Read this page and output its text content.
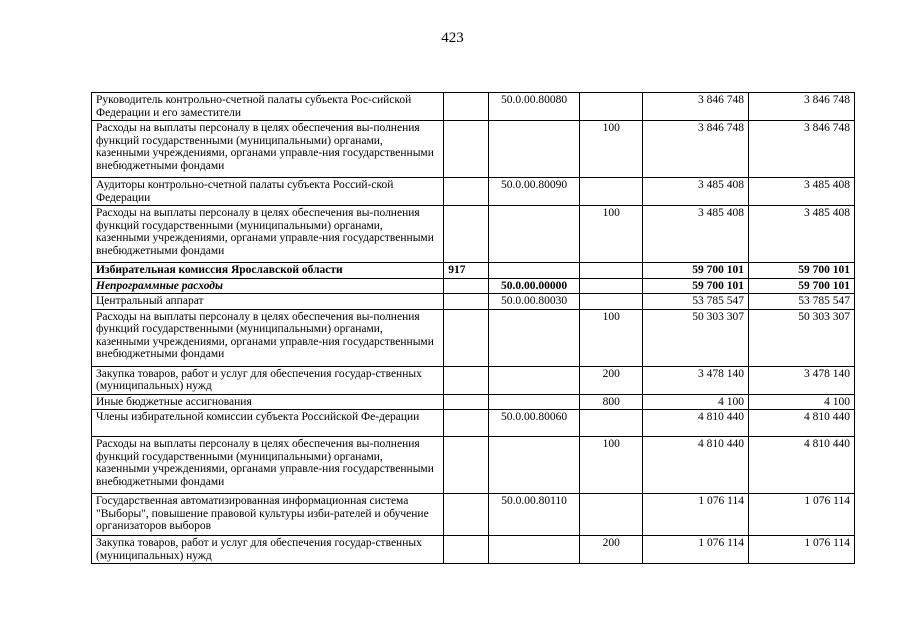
423
Руководитель контрольно-счетной палаты субъекта Рос-сийской Федерации и его заместители		50.0.00.80080		3 846 748	3 846 748
Расходы на выплаты персоналу в целях обеспечения вы-полнения функций государственными (муниципальными) органами, казенными учреждениями, органами управле-ния государственными внебюджетными фондами			100	3 846 748	3 846 748
Аудиторы контрольно-счетной палаты субъекта Россий-ской Федерации		50.0.00.80090		3 485 408	3 485 408
Расходы на выплаты персоналу в целях обеспечения вы-полнения функций государственными (муниципальными) органами, казенными учреждениями, органами управле-ния государственными внебюджетными фондами			100	3 485 408	3 485 408
Избирательная комиссия Ярославской области	917			59 700 101	59 700 101
Непрограммные расходы		50.0.00.00000		59 700 101	59 700 101
Центральный аппарат		50.0.00.80030		53 785 547	53 785 547
Расходы на выплаты персоналу в целях обеспечения вы-полнения функций государственными (муниципальными) органами, казенными учреждениями, органами управле-ния государственными внебюджетными фондами			100	50 303 307	50 303 307
Закупка товаров, работ и услуг для обеспечения государ-ственных (муниципальных) нужд			200	3 478 140	3 478 140
Иные бюджетные ассигнования			800	4 100	4 100
Члены избирательной комиссии субъекта Российской Фе-дерации		50.0.00.80060		4 810 440	4 810 440
Расходы на выплаты персоналу в целях обеспечения вы-полнения функций государственными (муниципальными) органами, казенными учреждениями, органами управле-ния государственными внебюджетными фондами			100	4 810 440	4 810 440
Государственная автоматизированная информационная система "Выборы", повышение правовой культуры изби-рателей и обучение организаторов выборов		50.0.00.80110		1 076 114	1 076 114
Закупка товаров, работ и услуг для обеспечения государ-ственных (муниципальных) нужд			200	1 076 114	1 076 114
